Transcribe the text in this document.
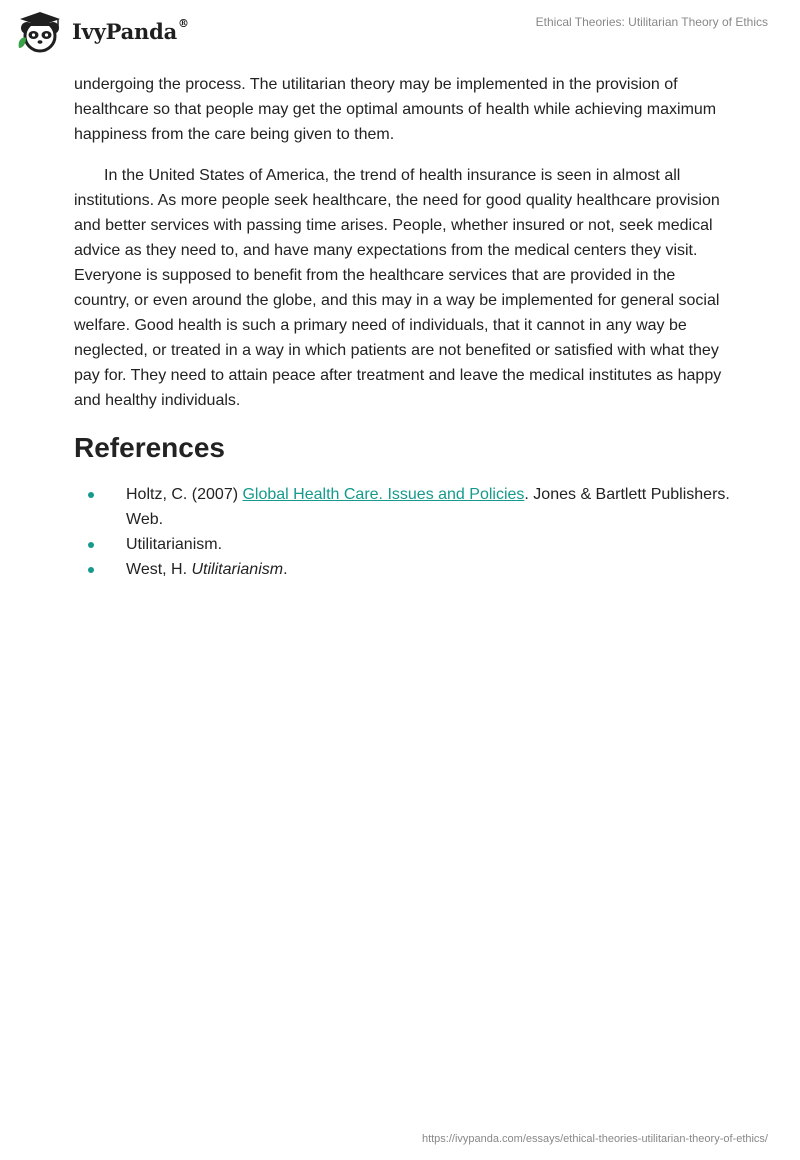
IvyPanda®	Ethical Theories: Utilitarian Theory of Ethics

undergoing the process. The utilitarian theory may be implemented in the provision of healthcare so that people may get the optimal amounts of health while achieving maximum happiness from the care being given to them.

In the United States of America, the trend of health insurance is seen in almost all institutions. As more people seek healthcare, the need for good quality healthcare provision and better services with passing time arises. People, whether insured or not, seek medical advice as they need to, and have many expectations from the medical centers they visit. Everyone is supposed to benefit from the healthcare services that are provided in the country, or even around the globe, and this may in a way be implemented for general social welfare. Good health is such a primary need of individuals, that it cannot in any way be neglected, or treated in a way in which patients are not benefited or satisfied with what they pay for. They need to attain peace after treatment and leave the medical institutes as happy and healthy individuals.

References
Holtz, C. (2007) Global Health Care. Issues and Policies. Jones & Bartlett Publishers. Web.
Utilitarianism.
West, H. Utilitarianism.
https://ivypanda.com/essays/ethical-theories-utilitarian-theory-of-ethics/
